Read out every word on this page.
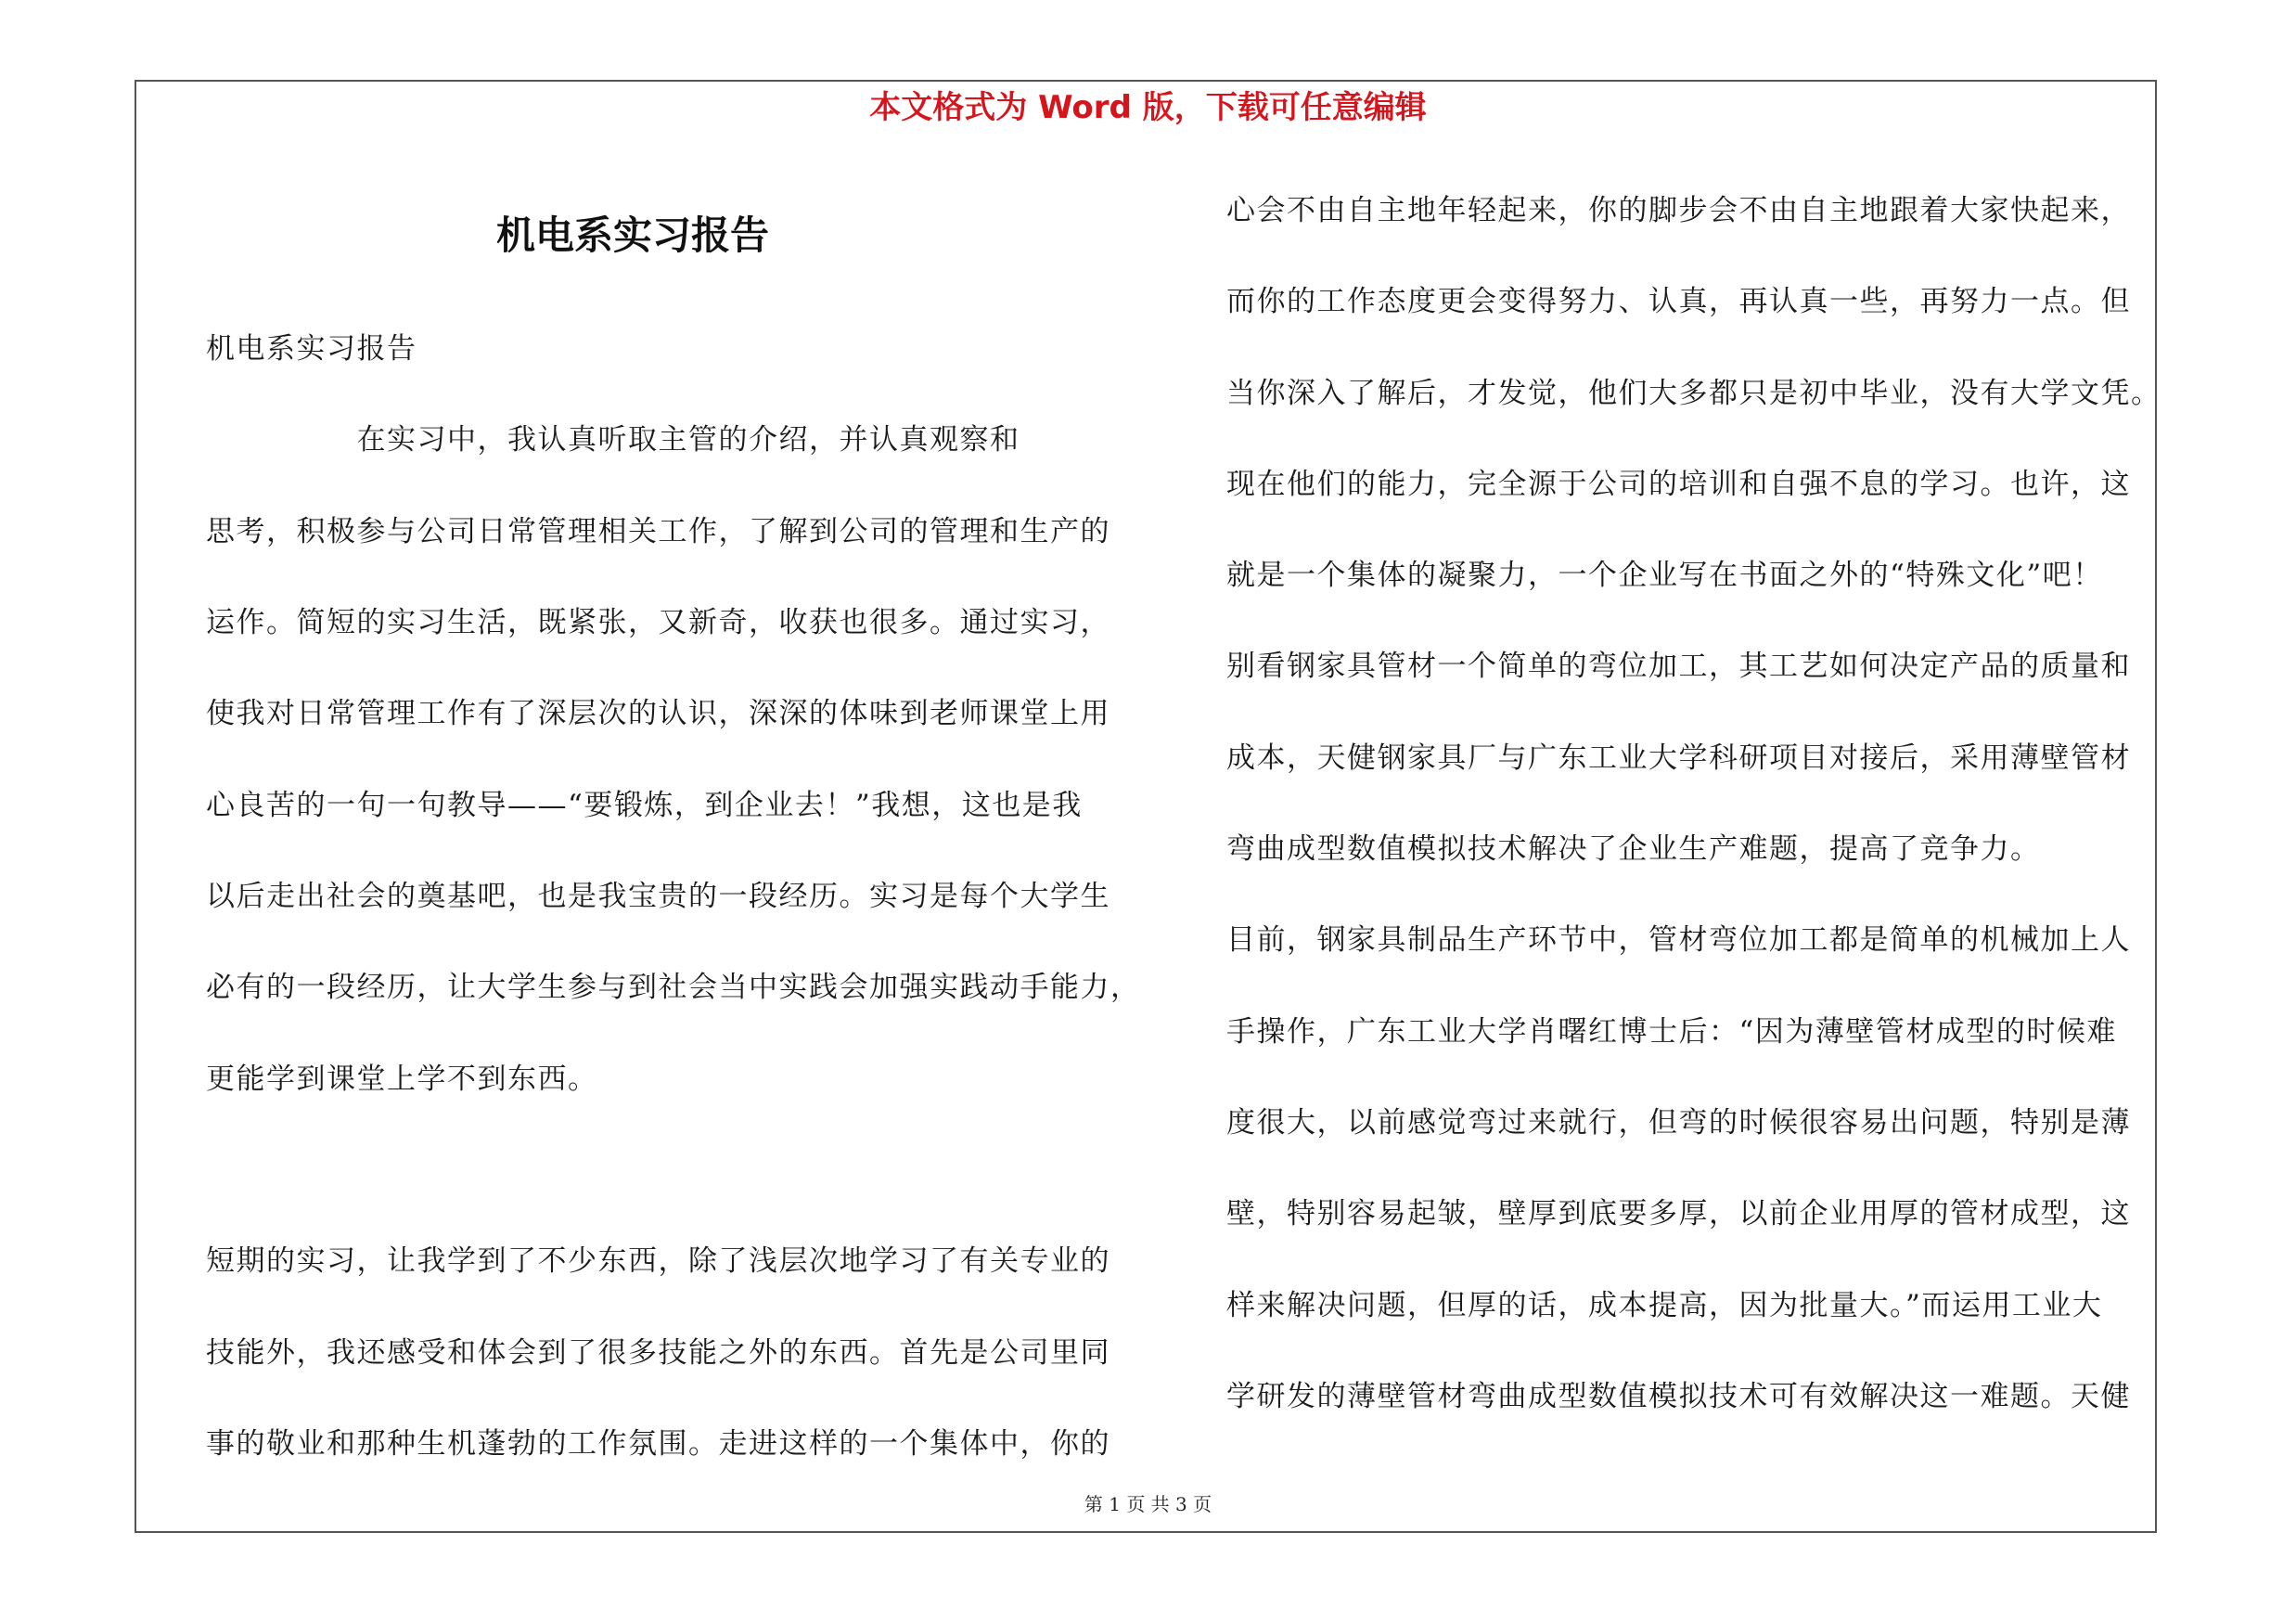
本文格式为 Word 版，下载可任意编辑
机电系实习报告
机电系实习报告
　　　　　在实习中，我认真听取主管的介绍，并认真观察和
思考，积极参与公司日常管理相关工作，了解到公司的管理和生产的
运作。简短的实习生活，既紧张，又新奇，收获也很多。通过实习，
使我对日常管理工作有了深层次的认识，深深的体味到老师课堂上用
心良苦的一句一句教导——“要锻炼，到企业去！”我想，这也是我
以后走出社会的奠基吧，也是我宝贵的一段经历。实习是每个大学生
必有的一段经历，让大学生参与到社会当中实践会加强实践动手能力，
更能学到课堂上学不到东西。
短期的实习，让我学到了不少东西，除了浅层次地学习了有关专业的
技能外，我还感受和体会到了很多技能之外的东西。首先是公司里同
事的敬业和那种生机蓬勃的工作氛围。走进这样的一个集体中，你的
心会不由自主地年轻起来，你的脚步会不由自主地跟着大家快起来，
而你的工作态度更会变得努力、认真，再认真一些，再努力一点。但
当你深入了解后，才发觉，他们大多都只是初中毕业，没有大学文凭。
现在他们的能力，完全源于公司的培训和自强不息的学习。也许，这
就是一个集体的凝聚力，一个企业写在书面之外的“特殊文化”吧！
别看钢家具管材一个简单的弯位加工，其工艺如何决定产品的质量和
成本，天健钢家具厂与广东工业大学科研项目对接后，采用薄壁管材
弯曲成型数值模拟技术解决了企业生产难题，提高了竞争力。
目前，钢家具制品生产环节中，管材弯位加工都是简单的机械加上人
手操作，广东工业大学肖曙红博士后：“因为薄壁管材成型的时候难
度很大，以前感觉弯过来就行，但弯的时候很容易出问题，特别是薄
壁，特别容易起皱，壁厚到底要多厚，以前企业用厚的管材成型，这
样来解决问题，但厚的话，成本提高，因为批量大。”而运用工业大
学研发的薄壁管材弯曲成型数值模拟技术可有效解决这一难题。天健
第 1 页 共 3 页
